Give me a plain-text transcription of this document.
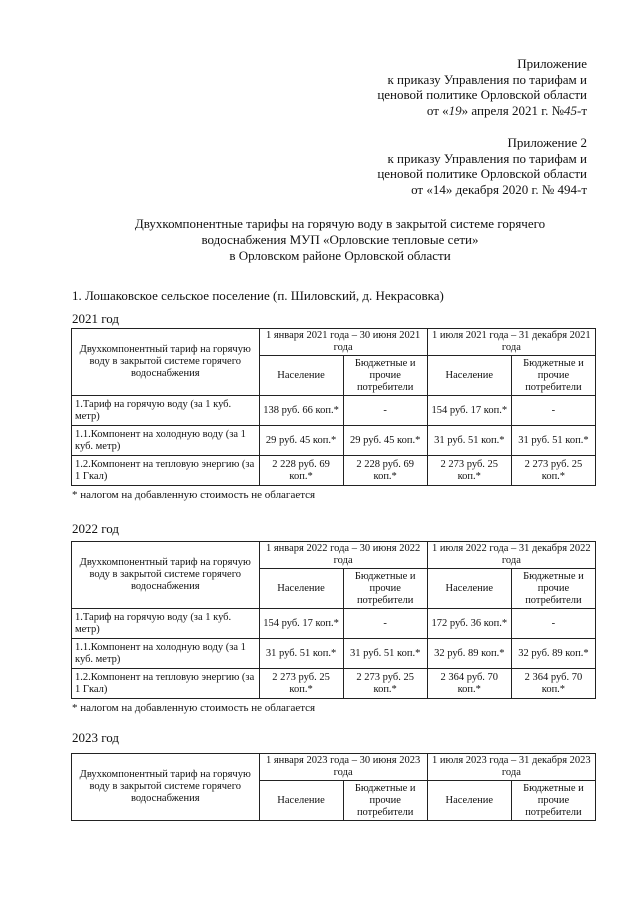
Приложение
к приказу Управления по тарифам и
ценовой политике Орловской области
от «19» апреля 2021 г. №45-т
Приложение 2
к приказу Управления по тарифам и
ценовой политике Орловской области
от «14» декабря 2020 г. № 494-т
Двухкомпонентные тарифы на горячую воду в закрытой системе горячего
водоснабжения МУП «Орловские тепловые сети»
в Орловском районе Орловской области
1. Лошаковское сельское поселение (п. Шиловский, д. Некрасовка)
2021 год
Двухкомпонентный тариф на горячую воду в закрытой системе горячего водоснабжения	1 января 2021 года – 30 июня 2021 года		1 июля 2021 года – 31 декабря 2021 года	
	Население	Бюджетные и прочие потребители	Население	Бюджетные и прочие потребители
1.Тариф на горячую воду (за 1 куб. метр)	138 руб. 66 коп.*	-	154 руб. 17 коп.*	-
1.1.Компонент на холодную воду (за 1 куб. метр)	29 руб. 45 коп.*	29 руб. 45 коп.*	31 руб. 51 коп.*	31 руб. 51 коп.*
1.2.Компонент на тепловую энергию (за 1 Гкал)	2 228 руб. 69 коп.*	2 228 руб. 69 коп.*	2 273 руб. 25 коп.*	2 273 руб. 25 коп.*
* налогом на добавленную стоимость не облагается
2022 год
Двухкомпонентный тариф на горячую воду в закрытой системе горячего водоснабжения	1 января 2022 года – 30 июня 2022 года		1 июля 2022 года – 31 декабря 2022 года	
	Население	Бюджетные и прочие потребители	Население	Бюджетные и прочие потребители
1.Тариф на горячую воду (за 1 куб. метр)	154 руб. 17 коп.*	-	172 руб. 36 коп.*	-
1.1.Компонент на холодную воду (за 1 куб. метр)	31 руб. 51 коп.*	31 руб. 51 коп.*	32 руб. 89 коп.*	32 руб. 89 коп.*
1.2.Компонент на тепловую энергию (за 1 Гкал)	2 273 руб. 25 коп.*	2 273 руб. 25 коп.*	2 364 руб. 70 коп.*	2 364 руб. 70 коп.*
* налогом на добавленную стоимость не облагается
2023 год
Двухкомпонентный тариф на горячую воду в закрытой системе горячего водоснабжения	1 января 2023 года – 30 июня 2023 года		1 июля 2023 года – 31 декабря 2023 года	
	Население	Бюджетные и прочие потребители	Население	Бюджетные и прочие потребители
